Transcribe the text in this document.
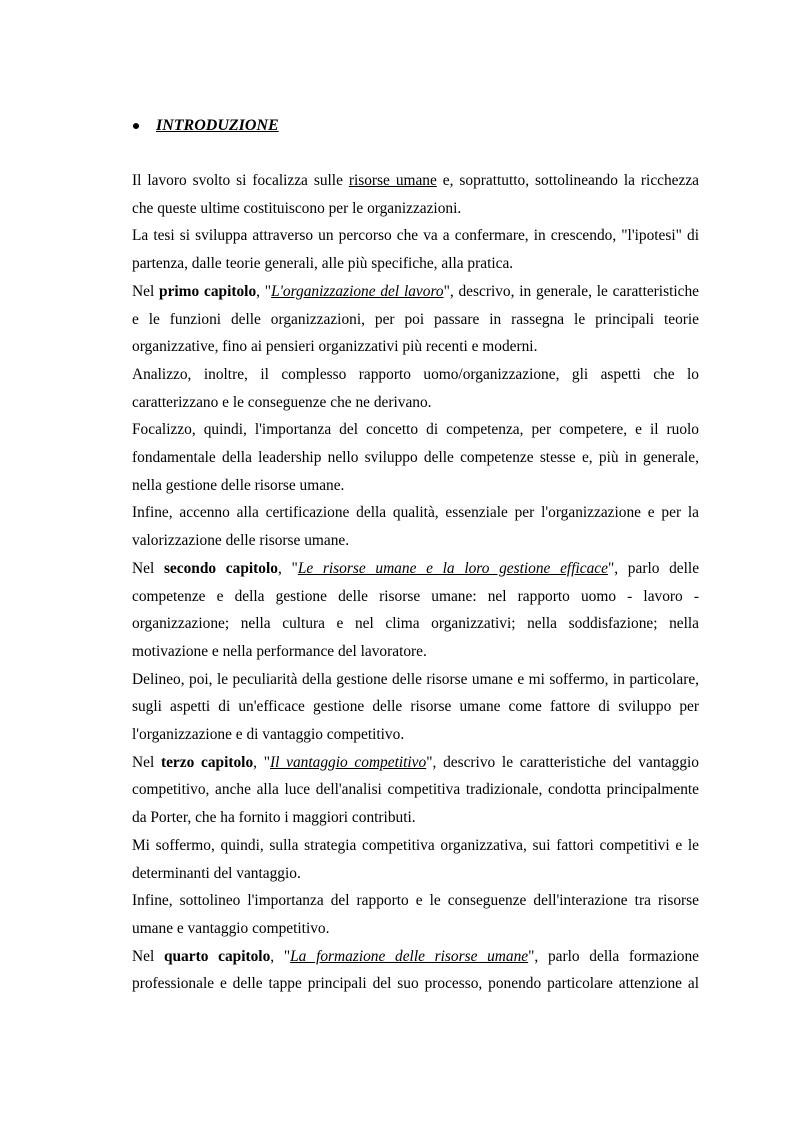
INTRODUZIONE

Il lavoro svolto si focalizza sulle risorse umane e, soprattutto, sottolineando la ricchezza che queste ultime costituiscono per le organizzazioni.

La tesi si sviluppa attraverso un percorso che va a confermare, in crescendo, "l'ipotesi" di partenza, dalle teorie generali, alle più specifiche, alla pratica.

Nel primo capitolo, "L'organizzazione del lavoro", descrivo, in generale, le caratteristiche e le funzioni delle organizzazioni, per poi passare in rassegna le principali teorie organizzative, fino ai pensieri organizzativi più recenti e moderni.

Analizzo, inoltre, il complesso rapporto uomo/organizzazione, gli aspetti che lo caratterizzano e le conseguenze che ne derivano.

Focalizzo, quindi, l'importanza del concetto di competenza, per competere, e il ruolo fondamentale della leadership nello sviluppo delle competenze stesse e, più in generale, nella gestione delle risorse umane.

Infine, accenno alla certificazione della qualità, essenziale per l'organizzazione e per la valorizzazione delle risorse umane.

Nel secondo capitolo, "Le risorse umane e la loro gestione efficace", parlo delle competenze e della gestione delle risorse umane: nel rapporto uomo - lavoro - organizzazione; nella cultura e nel clima organizzativi; nella soddisfazione; nella motivazione e nella performance del lavoratore.

Delineo, poi, le peculiarità della gestione delle risorse umane e mi soffermo, in particolare, sugli aspetti di un'efficace gestione delle risorse umane come fattore di sviluppo per l'organizzazione e di vantaggio competitivo.

Nel terzo capitolo, "Il vantaggio competitivo", descrivo le caratteristiche del vantaggio competitivo, anche alla luce dell'analisi competitiva tradizionale, condotta principalmente da Porter, che ha fornito i maggiori contributi.

Mi soffermo, quindi, sulla strategia competitiva organizzativa, sui fattori competitivi e le determinanti del vantaggio.

Infine, sottolineo l'importanza del rapporto e le conseguenze dell'interazione tra risorse umane e vantaggio competitivo.

Nel quarto capitolo, "La formazione delle risorse umane", parlo della formazione professionale e delle tappe principali del suo processo, ponendo particolare attenzione al
